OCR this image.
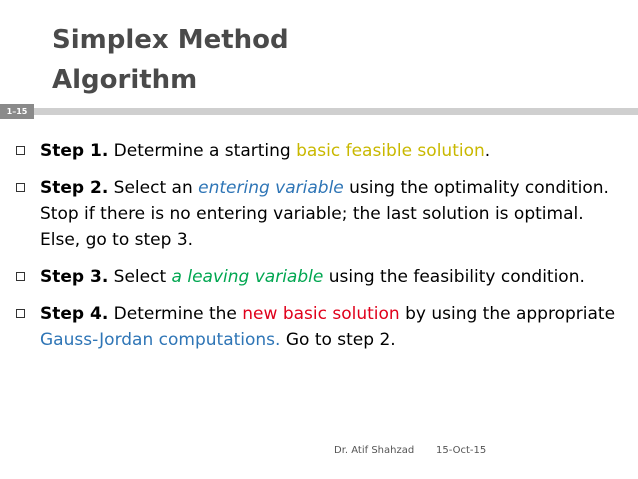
Simplex Method
Algorithm
1–15
Step 1. Determine a starting basic feasible solution.
Step 2. Select an entering variable using the optimality condition. Stop if there is no entering variable; the last solution is optimal. Else, go to step 3.
Step 3. Select a leaving variable using the feasibility condition.
Step 4. Determine the new basic solution by using the appropriate Gauss-Jordan computations. Go to step 2.
Dr. Atif Shahzad 15-Oct-15
